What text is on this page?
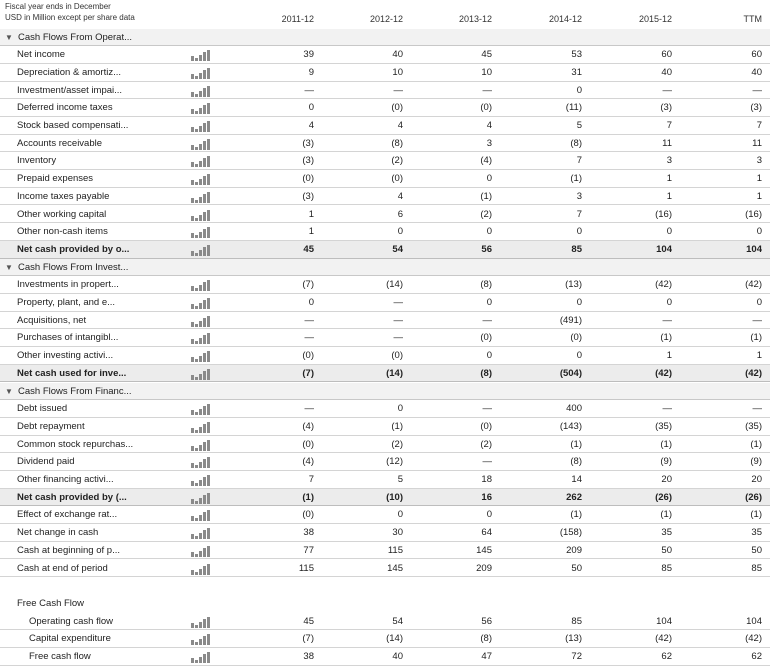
Fiscal year ends in December
USD in Million except per share data	2011-12	2012-12	2013-12	2014-12	2015-12	TTM
▼ Cash Flows From Operat...
Net income	39	40	45	53	60	60
Depreciation & amortiz...	9	10	10	31	40	40
Investment/asset impai...	—	—	—	0	—	—
Deferred income taxes	0	(0)	(0)	(11)	(3)	(3)
Stock based compensati...	4	4	4	5	7	7
Accounts receivable	(3)	(8)	3	(8)	11	11
Inventory	(3)	(2)	(4)	7	3	3
Prepaid expenses	(0)	(0)	0	(1)	1	1
Income taxes payable	(3)	4	(1)	3	1	1
Other working capital	1	6	(2)	7	(16)	(16)
Other non-cash items	1	0	0	0	0	0
Net cash provided by o...	45	54	56	85	104	104
▼ Cash Flows From Invest...
Investments in propert...	(7)	(14)	(8)	(13)	(42)	(42)
Property, plant, and e...	0	—	0	0	0	0
Acquisitions, net	—	—	—	(491)	—	—
Purchases of intangibl...	—	—	(0)	(0)	(1)	(1)
Other investing activi...	(0)	(0)	0	0	1	1
Net cash used for inve...	(7)	(14)	(8)	(504)	(42)	(42)
▼ Cash Flows From Financ...
Debt issued	—	0	—	400	—	—
Debt repayment	(4)	(1)	(0)	(143)	(35)	(35)
Common stock repurchas...	(0)	(2)	(2)	(1)	(1)	(1)
Dividend paid	(4)	(12)	—	(8)	(9)	(9)
Other financing activi...	7	5	18	14	20	20
Net cash provided by (...	(1)	(10)	16	262	(26)	(26)
Effect of exchange rat...	(0)	0	0	(1)	(1)	(1)
Net change in cash	38	30	64	(158)	35	35
Cash at beginning of p...	77	115	145	209	50	50
Cash at end of period	115	145	209	50	85	85
Free Cash Flow
Operating cash flow	45	54	56	85	104	104
Capital expenditure	(7)	(14)	(8)	(13)	(42)	(42)
Free cash flow	38	40	47	72	62	62
